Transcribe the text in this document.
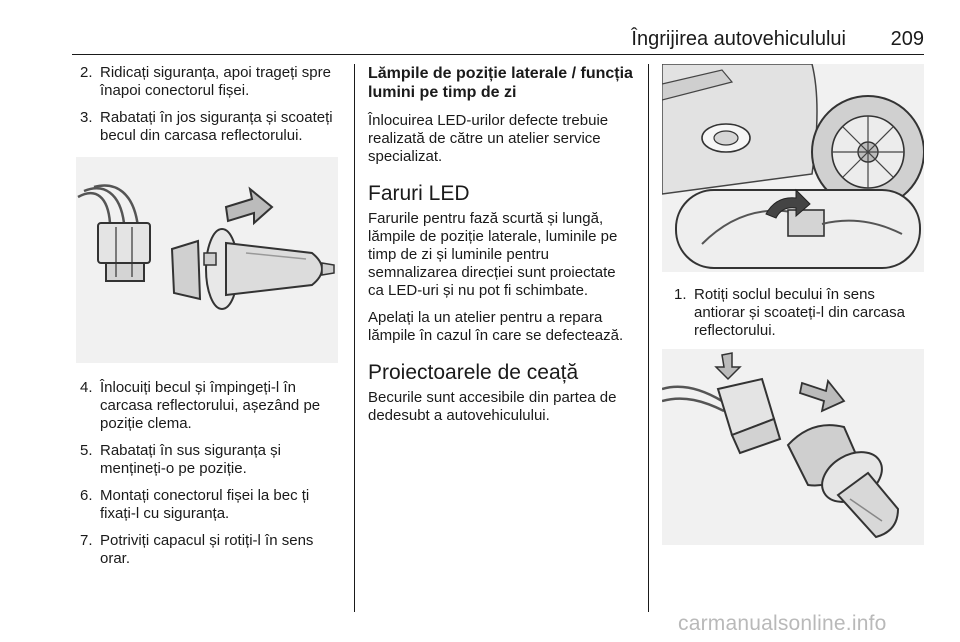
Îngrijirea autovehiculului 209
2. Ridicați siguranța, apoi trageți spre înapoi conectorul fișei.
3. Rabatați în jos siguranța și scoateți becul din carcasa reflectorului.
4. Înlocuiți becul și împingeți-l în carcasa reflectorului, așezând pe poziție clema.
5. Rabatați în sus siguranța și mențineți-o pe poziție.
6. Montați conectorul fișei la bec ți fixați-l cu siguranța.
7. Potriviți capacul și rotiți-l în sens orar.
Lămpile de poziție laterale / funcția lumini pe timp de zi
Înlocuirea LED-urilor defecte trebuie realizată de către un atelier service specializat.
Faruri LED
Farurile pentru fază scurtă și lungă, lămpile de poziție laterale, luminile pe timp de zi și luminile pentru semnalizarea direcției sunt proiectate ca LED-uri și nu pot fi schimbate.
Apelați la un atelier pentru a repara lămpile în cazul în care se defectează.
Proiectoarele de ceață
Becurile sunt accesibile din partea de dedesubt a autovehiculului.
1. Rotiți soclul becului în sens antiorar și scoateți-l din carcasa reflectorului.
carmanualsonline.info
